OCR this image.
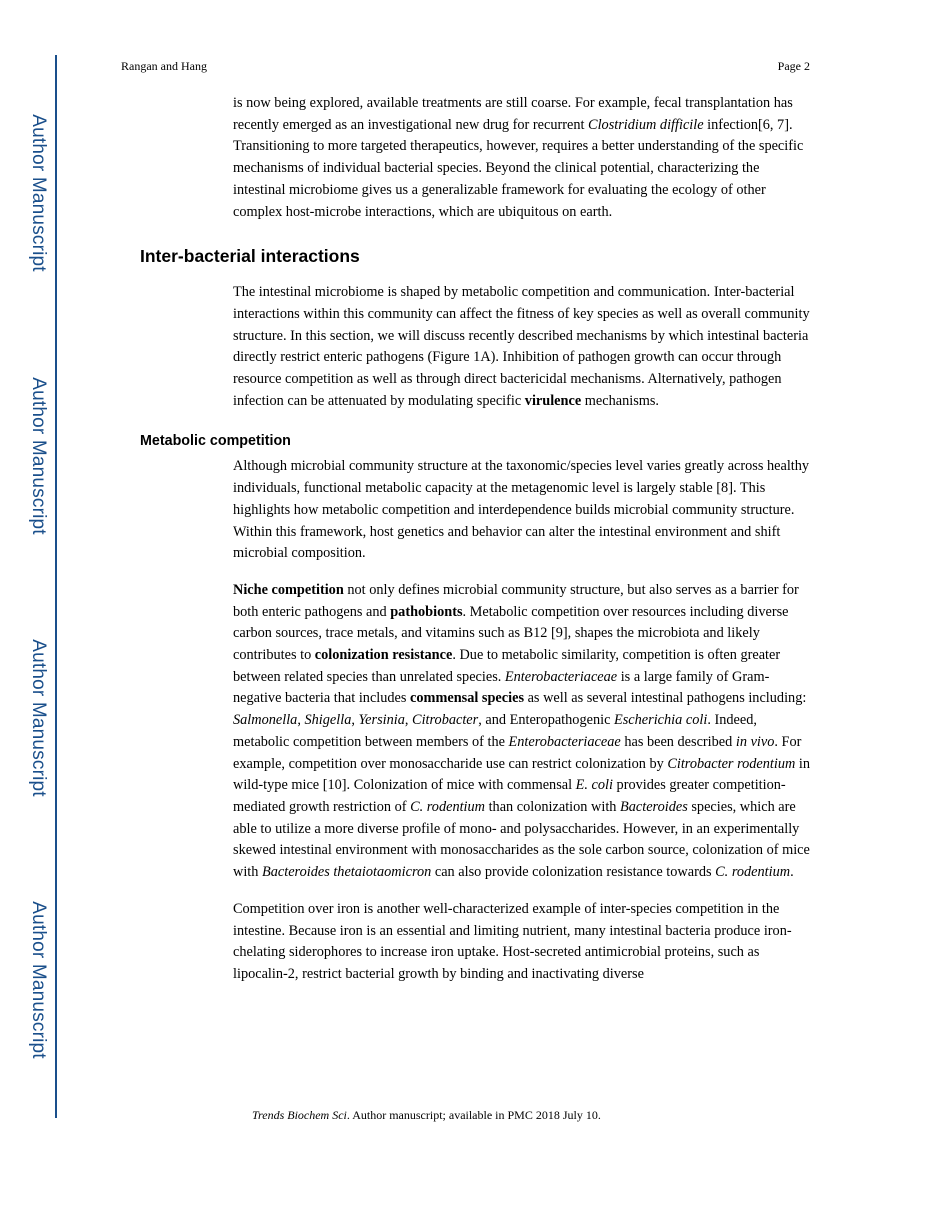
Author Manuscript
Author Manuscript
Author Manuscript
Author Manuscript
Rangan and Hang	Page 2

is now being explored, available treatments are still coarse. For example, fecal transplantation has recently emerged as an investigational new drug for recurrent Clostridium difficile infection[6, 7]. Transitioning to more targeted therapeutics, however, requires a better understanding of the specific mechanisms of individual bacterial species. Beyond the clinical potential, characterizing the intestinal microbiome gives us a generalizable framework for evaluating the ecology of other complex host-microbe interactions, which are ubiquitous on earth.

Inter-bacterial interactions

The intestinal microbiome is shaped by metabolic competition and communication. Inter-bacterial interactions within this community can affect the fitness of key species as well as overall community structure. In this section, we will discuss recently described mechanisms by which intestinal bacteria directly restrict enteric pathogens (Figure 1A). Inhibition of pathogen growth can occur through resource competition as well as through direct bactericidal mechanisms. Alternatively, pathogen infection can be attenuated by modulating specific virulence mechanisms.

Metabolic competition

Although microbial community structure at the taxonomic/species level varies greatly across healthy individuals, functional metabolic capacity at the metagenomic level is largely stable [8]. This highlights how metabolic competition and interdependence builds microbial community structure. Within this framework, host genetics and behavior can alter the intestinal environment and shift microbial composition.

Niche competition not only defines microbial community structure, but also serves as a barrier for both enteric pathogens and pathobionts. Metabolic competition over resources including diverse carbon sources, trace metals, and vitamins such as B12 [9], shapes the microbiota and likely contributes to colonization resistance. Due to metabolic similarity, competition is often greater between related species than unrelated species. Enterobacteriaceae is a large family of Gram-negative bacteria that includes commensal species as well as several intestinal pathogens including: Salmonella, Shigella, Yersinia, Citrobacter, and Enteropathogenic Escherichia coli. Indeed, metabolic competition between members of the Enterobacteriaceae has been described in vivo. For example, competition over monosaccharide use can restrict colonization by Citrobacter rodentium in wild-type mice [10]. Colonization of mice with commensal E. coli provides greater competition-mediated growth restriction of C. rodentium than colonization with Bacteroides species, which are able to utilize a more diverse profile of mono- and polysaccharides. However, in an experimentally skewed intestinal environment with monosaccharides as the sole carbon source, colonization of mice with Bacteroides thetaiotaomicron can also provide colonization resistance towards C. rodentium.

Competition over iron is another well-characterized example of inter-species competition in the intestine. Because iron is an essential and limiting nutrient, many intestinal bacteria produce iron-chelating siderophores to increase iron uptake. Host-secreted antimicrobial proteins, such as lipocalin-2, restrict bacterial growth by binding and inactivating diverse

Trends Biochem Sci. Author manuscript; available in PMC 2018 July 10.
